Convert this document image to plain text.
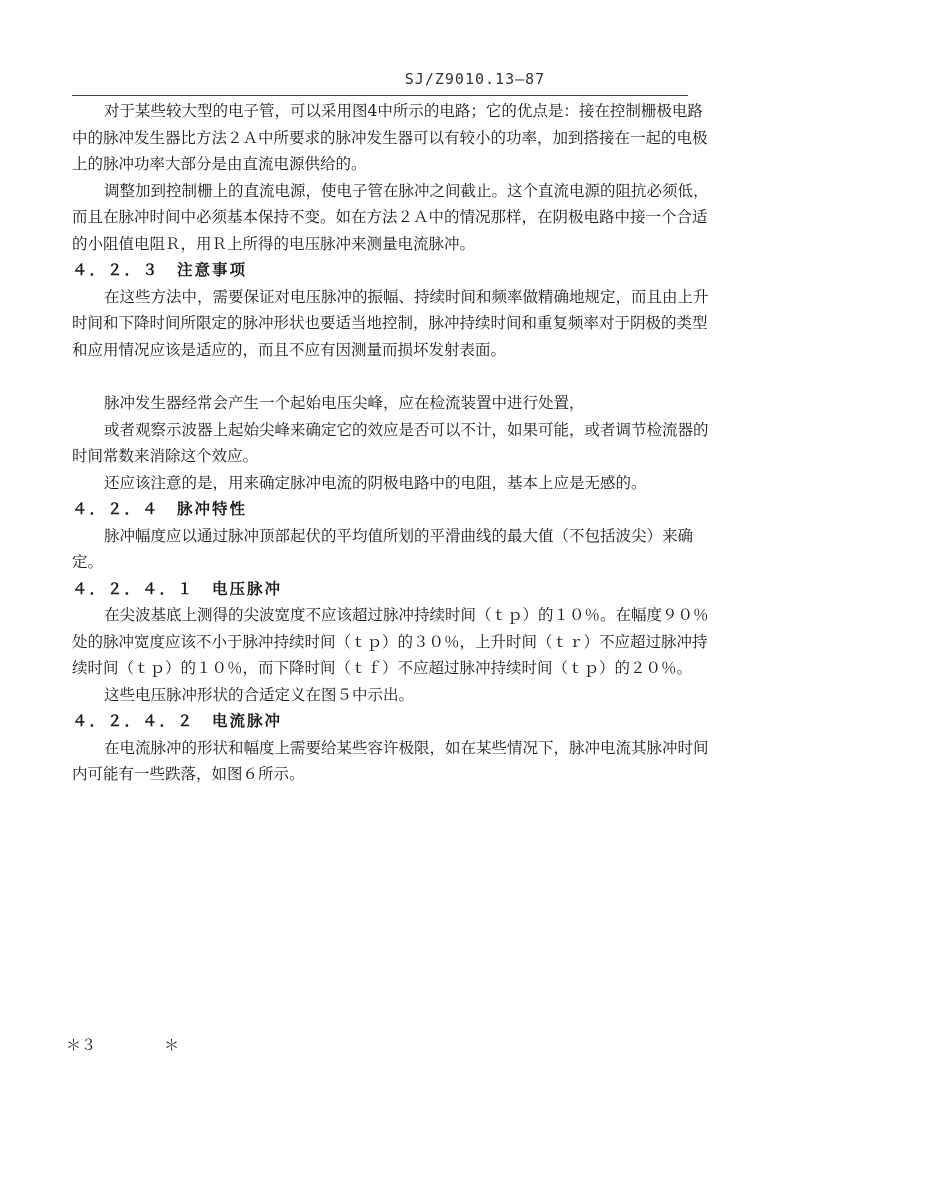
SJ/Z9010.13—87

对于某些较大型的电子管，可以采用图4中所示的电路；它的优点是：接在控制栅极电路中的脉冲发生器比方法２Ａ中所要求的脉冲发生器可以有较小的功率，加到搭接在一起的电极上的脉冲功率大部分是由直流电源供给的。

调整加到控制栅上的直流电源，使电子管在脉冲之间截止。这个直流电源的阻抗必须低，而且在脉冲时间中必须基本保持不变。如在方法２Ａ中的情况那样，在阴极电路中接一个合适的小阻值电阻Ｒ，用Ｒ上所得的电压脉冲来测量电流脉冲。

４．２．３　注意事项

在这些方法中，需要保证对电压脉冲的振幅、持续时间和频率做精确地规定，而且由上升时间和下降时间所限定的脉冲形状也要适当地控制，脉冲持续时间和重复频率对于阴极的类型和应用情况应该是适应的，而且不应有因测量而损坏发射表面。

脉冲发生器经常会产生一个起始电压尖峰，应在检流装置中进行处置，

或者观察示波器上起始尖峰来确定它的效应是否可以不计，如果可能，或者调节检流器的时间常数来消除这个效应。

还应该注意的是，用来确定脉冲电流的阴极电路中的电阻，基本上应是无感的。

４．２．４　脉冲特性

脉冲幅度应以通过脉冲顶部起伏的平均值所划的平滑曲线的最大值（不包括波尖）来确定。

４．２．４．１　电压脉冲

在尖波基底上测得的尖波宽度不应该超过脉冲持续时间（ｔｐ）的１０％。在幅度９０％处的脉冲宽度应该不小于脉冲持续时间（ｔｐ）的３０％，上升时间（ｔｒ）不应超过脉冲持续时间（ｔｐ）的１０％，而下降时间（ｔｆ）不应超过脉冲持续时间（ｔｐ）的２０％。

这些电压脉冲形状的合适定义在图５中示出。

４．２．４．２　电流脉冲

在电流脉冲的形状和幅度上需要给某些容许极限，如在某些情况下，脉冲电流其脉冲时间内可能有一些跌落，如图６所示。

＊３	＊
